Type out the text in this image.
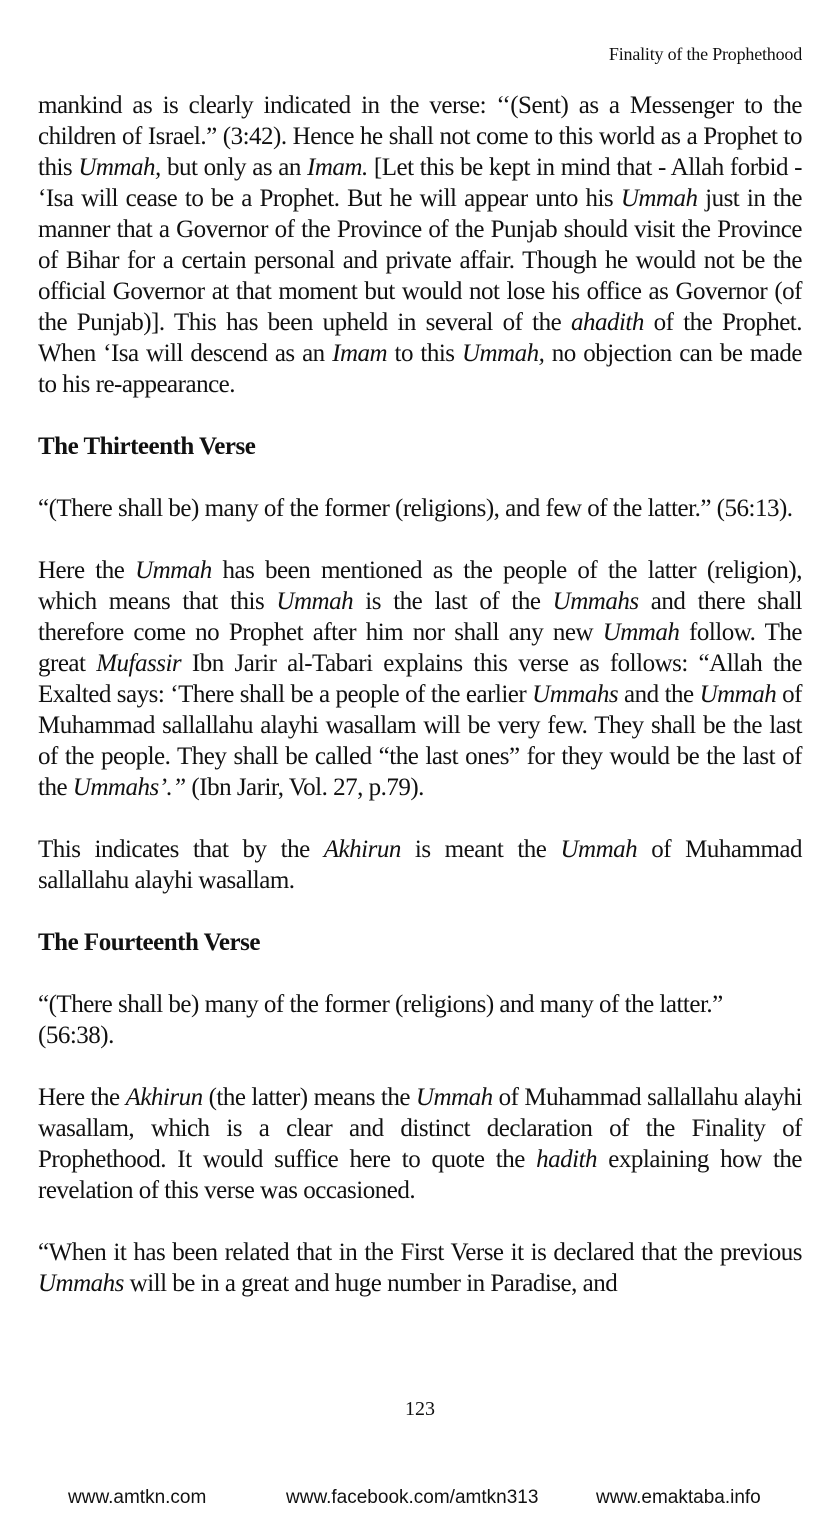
Finality of the Prophethood

mankind as is clearly indicated in the verse: ‘‘(Sent) as a Messenger to the children of Israel.” (3:42). Hence he shall not come to this world as a Prophet to this Ummah, but only as an Imam. [Let this be kept in mind that - Allah forbid - ‘Isa will cease to be a Prophet. But he will appear unto his Ummah just in the manner that a Governor of the Province of the Punjab should visit the Province of Bihar for a certain personal and private affair. Though he would not be the official Governor at that moment but would not lose his office as Governor (of the Punjab)]. This has been upheld in several of the ahadith of the Prophet. When ‘Isa will descend as an Imam to this Ummah, no objection can be made to his re-appearance.

The Thirteenth Verse

“(There shall be) many of the former (religions), and few of the latter.” (56:13).

Here the Ummah has been mentioned as the people of the latter (religion), which means that this Ummah is the last of the Ummahs and there shall therefore come no Prophet after him nor shall any new Ummah follow. The great Mufassir Ibn Jarir al-Tabari explains this verse as follows: “Allah the Exalted says: ‘There shall be a people of the earlier Ummahs and the Ummah of Muhammad sallallahu alayhi wasallam will be very few. They shall be the last of the people. They shall be called “the last ones” for they would be the last of the Ummahs’.” (Ibn Jarir, Vol. 27, p.79).

This indicates that by the Akhirun is meant the Ummah of Muhammad sallallahu alayhi wasallam.

The Fourteenth Verse

“(There shall be) many of the former (religions) and many of the latter.” (56:38).

Here the Akhirun (the latter) means the Ummah of Muhammad sallallahu alayhi wasallam, which is a clear and distinct declaration of the Finality of Prophethood. It would suffice here to quote the hadith explaining how the revelation of this verse was occasioned.

“When it has been related that in the First Verse it is declared that the previous Ummahs will be in a great and huge number in Paradise, and

123
www.amtkn.com	www.facebook.com/amtkn313	www.emaktaba.info
